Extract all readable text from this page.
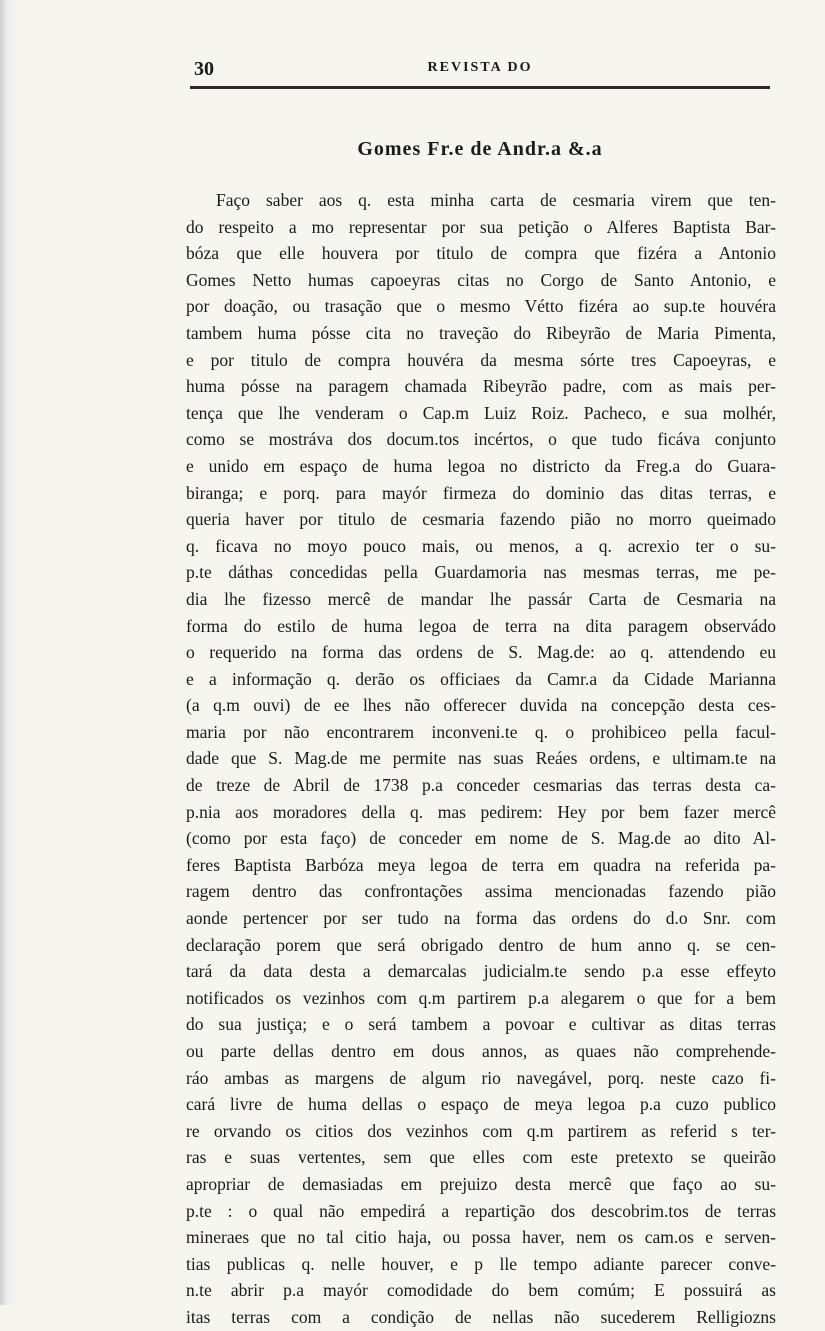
30	REVISTA DO
Gomes Fr.e de Andr.a &.a
Faço saber aos q. esta minha carta de cesmaria virem que ten-
do respeito a mo representar por sua petição o Alferes Baptista Bar-
bóza que elle houvera por titulo de compra que fizéra a Antonio
Gomes Netto humas capoeyras citas no Corgo de Santo Antonio, e
por doação, ou trasação que o mesmo Vétto fizéra ao sup.te houvéra
tambem huma pósse cita no traveção do Ribeyrão de Maria Pimenta,
e por titulo de compra houvéra da mesma sórte tres Capoeyras, e
huma pósse na paragem chamada Ribeyrão padre, com as mais per-
tença que lhe venderam o Cap.m Luiz Roiz. Pacheco, e sua molhér,
como se mostráva dos docum.tos incértos, o que tudo ficáva conjunto
e unido em espaço de huma legoa no districto da Freg.a do Guara-
biranga; e porq. para mayór firmeza do dominio das ditas terras, e
queria haver por titulo de cesmaria fazendo pião no morro queimado
q. ficava no moyo pouco mais, ou menos, a q. acrexio ter o su-
p.te dáthas concedidas pella Guardamoria nas mesmas terras, me pe-
dia lhe fizesso mercê de mandar lhe passár Carta de Cesmaria na
forma do estilo de huma legoa de terra na dita paragem observádo
o requerido na forma das ordens de S. Mag.de: ao q. attendendo eu
e a informação q. derão os officiaes da Camr.a da Cidade Marianna
(a q.m ouvi) de ee lhes não offerecer duvida na concepção desta ces-
maria por não encontrarem inconveni.te q. o prohibiceo pella facul-
dade que S. Mag.de me permite nas suas Reáes ordens, e ultimam.te na
de treze de Abril de 1738 p.a conceder cesmarias das terras desta ca-
p.nia aos moradores della q. mas pedirem: Hey por bem fazer mercê
(como por esta faço) de conceder em nome de S. Mag.de ao dito Al-
feres Baptista Barbóza meya legoa de terra em quadra na referida pa-
ragem dentro das confrontações assima mencionadas fazendo pião
aonde pertencer por ser tudo na forma das ordens do d.o Snr. com
declaração porem que será obrigado dentro de hum anno q. se cen-
tará da data desta a demarcalas judicialm.te sendo p.a esse effeyto
notificados os vezinhos com q.m partirem p.a alegarem o que for a bem
do sua justiça; e o será tambem a povoar e cultivar as ditas terras
ou parte dellas dentro em dous annos, as quaes não comprehende-
ráo ambas as margens de algum rio navegável, porq. neste cazo fi-
cará livre de huma dellas o espaço de meya legoa p.a cuzo publico
re orvando os citios dos vezinhos com q.m partirem as referid s ter-
ras e suas vertentes, sem que elles com este pretexto se queirão
apropriar de demasiadas em prejuizo desta mercê que faço ao su-
p.te : o qual não empedirá a repartição dos descobrim.tos de terras
mineraes que no tal citio haja, ou possa haver, nem os cam.os e serven-
tias publicas q. nelle houver, e p lle tempo adiante parecer conve-
n.te abrir p.a mayór comodidade do bem comúm; E possuirá as
itas terras com a condição de nellas não sucederem Relligiozns
